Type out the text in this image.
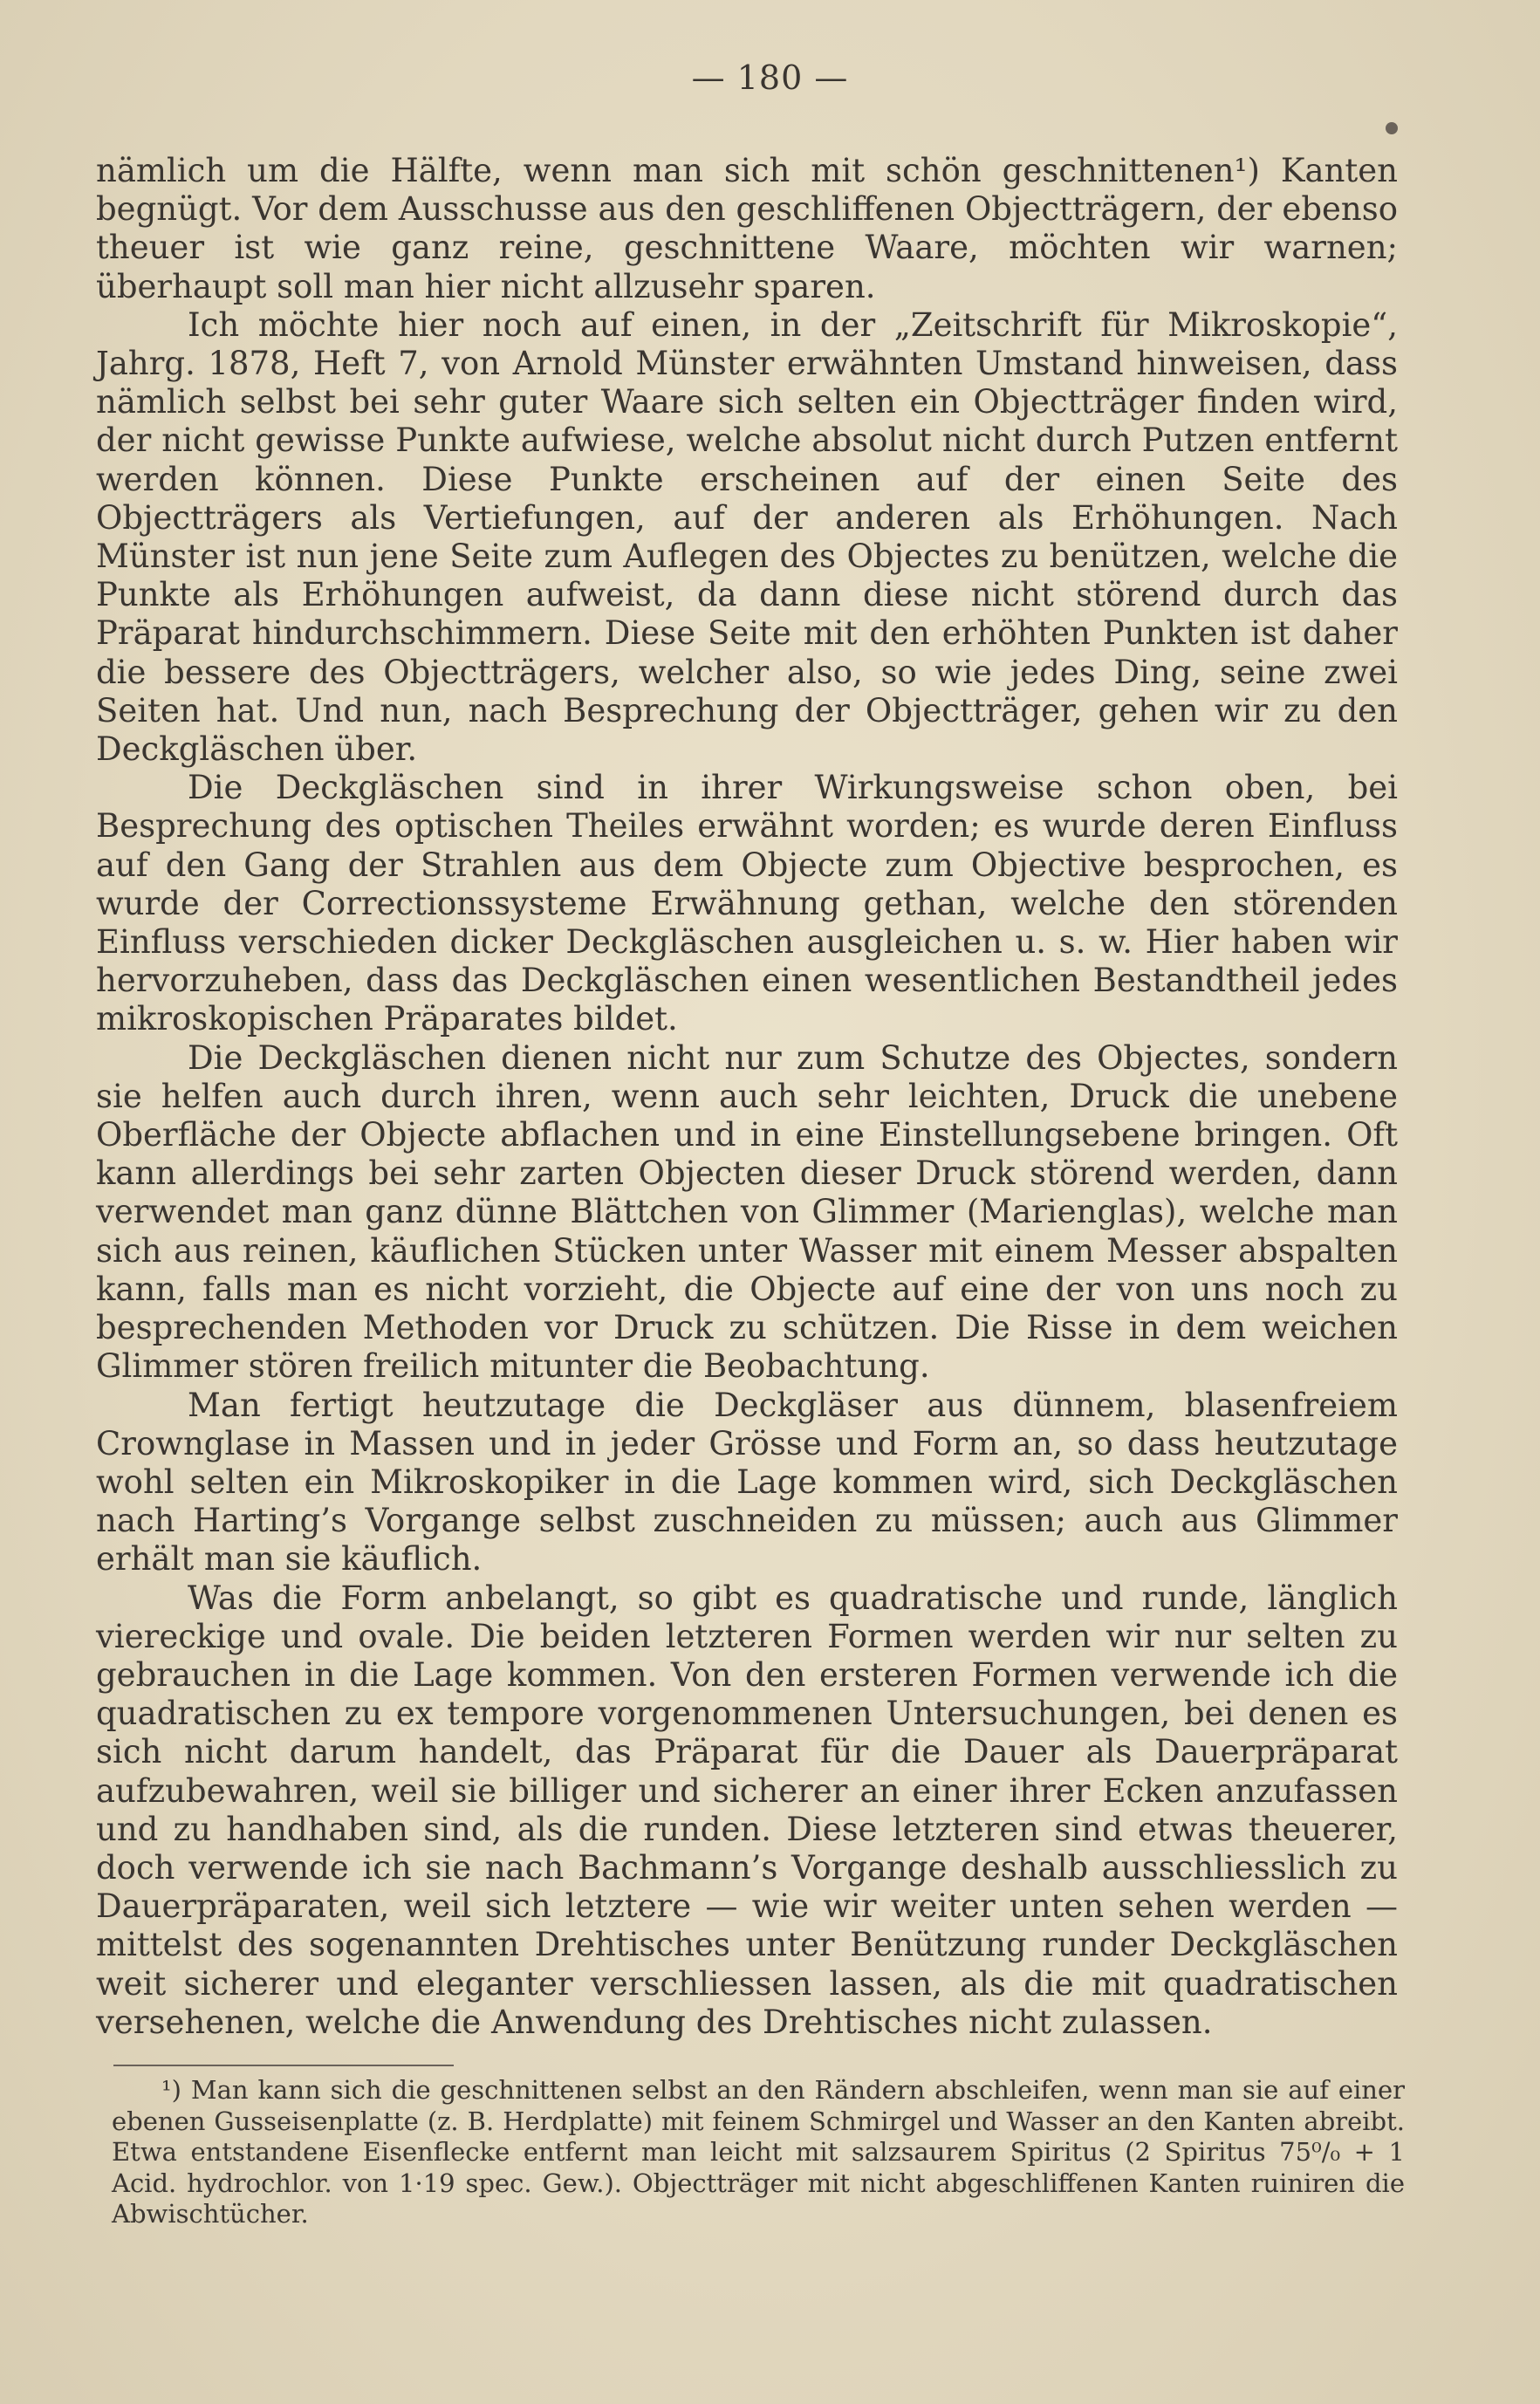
— 180 —

nämlich um die Hälfte, wenn man sich mit schön geschnittenen¹) Kanten begnügt. Vor dem Ausschusse aus den geschliffenen Objectträgern, der ebenso theuer ist wie ganz reine, geschnittene Waare, möchten wir warnen; überhaupt soll man hier nicht allzusehr sparen.

Ich möchte hier noch auf einen, in der „Zeitschrift für Mikroskopie“, Jahrg. 1878, Heft 7, von Arnold Münster erwähnten Umstand hinweisen, dass nämlich selbst bei sehr guter Waare sich selten ein Objectträger finden wird, der nicht gewisse Punkte aufwiese, welche absolut nicht durch Putzen entfernt werden können. Diese Punkte erscheinen auf der einen Seite des Objectträgers als Vertiefungen, auf der anderen als Erhöhungen. Nach Münster ist nun jene Seite zum Auflegen des Objectes zu benützen, welche die Punkte als Erhöhungen aufweist, da dann diese nicht störend durch das Präparat hindurchschimmern. Diese Seite mit den erhöhten Punkten ist daher die bessere des Objectträgers, welcher also, so wie jedes Ding, seine zwei Seiten hat. Und nun, nach Besprechung der Objectträger, gehen wir zu den Deckgläschen über.

Die Deckgläschen sind in ihrer Wirkungsweise schon oben, bei Besprechung des optischen Theiles erwähnt worden; es wurde deren Einfluss auf den Gang der Strahlen aus dem Objecte zum Objective besprochen, es wurde der Correctionssysteme Erwähnung gethan, welche den störenden Einfluss verschieden dicker Deckgläschen ausgleichen u. s. w. Hier haben wir hervorzuheben, dass das Deckgläschen einen wesentlichen Bestandtheil jedes mikroskopischen Präparates bildet.

Die Deckgläschen dienen nicht nur zum Schutze des Objectes, sondern sie helfen auch durch ihren, wenn auch sehr leichten, Druck die unebene Oberfläche der Objecte abflachen und in eine Einstellungsebene bringen. Oft kann allerdings bei sehr zarten Objecten dieser Druck störend werden, dann verwendet man ganz dünne Blättchen von Glimmer (Marienglas), welche man sich aus reinen, käuflichen Stücken unter Wasser mit einem Messer abspalten kann, falls man es nicht vorzieht, die Objecte auf eine der von uns noch zu besprechenden Methoden vor Druck zu schützen. Die Risse in dem weichen Glimmer stören freilich mitunter die Beobachtung.

Man fertigt heutzutage die Deckgläser aus dünnem, blasenfreiem Crownglase in Massen und in jeder Grösse und Form an, so dass heutzutage wohl selten ein Mikroskopiker in die Lage kommen wird, sich Deckgläschen nach Harting’s Vorgange selbst zuschneiden zu müssen; auch aus Glimmer erhält man sie käuflich.

Was die Form anbelangt, so gibt es quadratische und runde, länglich viereckige und ovale. Die beiden letzteren Formen werden wir nur selten zu gebrauchen in die Lage kommen. Von den ersteren Formen verwende ich die quadratischen zu ex tempore vorgenommenen Untersuchungen, bei denen es sich nicht darum handelt, das Präparat für die Dauer als Dauerpräparat aufzubewahren, weil sie billiger und sicherer an einer ihrer Ecken anzufassen und zu handhaben sind, als die runden. Diese letzteren sind etwas theuerer, doch verwende ich sie nach Bachmann’s Vorgange deshalb ausschliesslich zu Dauerpräparaten, weil sich letztere — wie wir weiter unten sehen werden — mittelst des sogenannten Drehtisches unter Benützung runder Deckgläschen weit sicherer und eleganter verschliessen lassen, als die mit quadratischen versehenen, welche die Anwendung des Drehtisches nicht zulassen.

¹) Man kann sich die geschnittenen selbst an den Rändern abschleifen, wenn man sie auf einer ebenen Gusseisenplatte (z. B. Herdplatte) mit feinem Schmirgel und Wasser an den Kanten abreibt. Etwa entstandene Eisenflecke entfernt man leicht mit salzsaurem Spiritus (2 Spiritus 75⁰/₀ + 1 Acid. hydrochlor. von 1·19 spec. Gew.). Objectträger mit nicht abgeschliffenen Kanten ruiniren die Abwischtücher.
